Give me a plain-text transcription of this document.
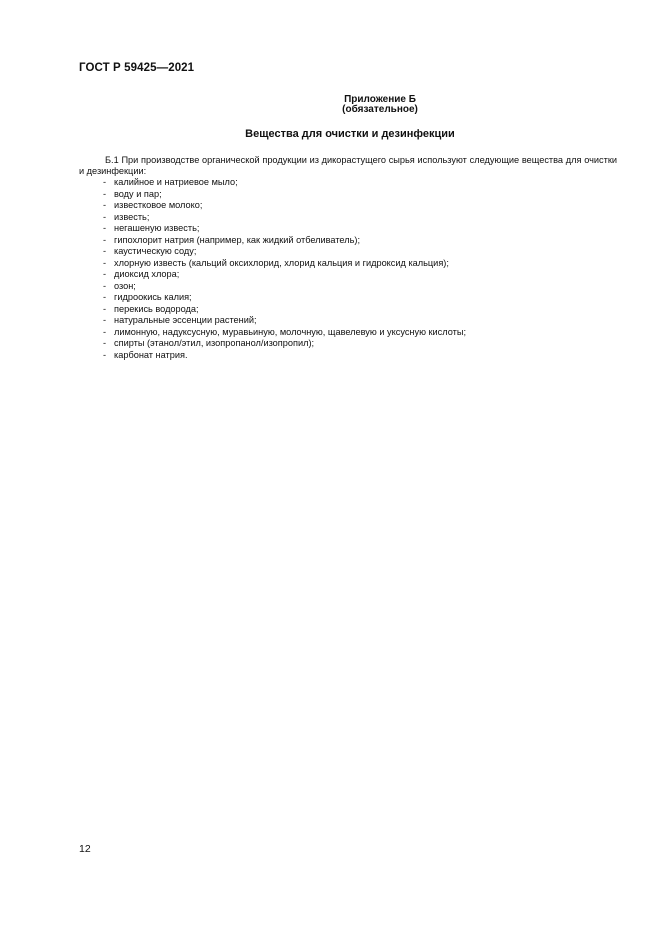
ГОСТ Р 59425—2021
Приложение Б
(обязательное)
Вещества для очистки и дезинфекции

Б.1 При производстве органической продукции из дикорастущего сырья используют следующие вещества для очистки и дезинфекции:

- калийное и натриевое мыло;
- воду и пар;
- известковое молоко;
- известь;
- негашеную известь;
- гипохлорит натрия (например, как жидкий отбеливатель);
- каустическую соду;
- хлорную известь (кальций оксихлорид, хлорид кальция и гидроксид кальция);
- диоксид хлора;
- озон;
- гидроокись калия;
- перекись водорода;
- натуральные эссенции растений;
- лимонную, надуксусную, муравьиную, молочную, щавелевую и уксусную кислоты;
- спирты (этанол/этил, изопропанол/изопропил);
- карбонат натрия.
12
